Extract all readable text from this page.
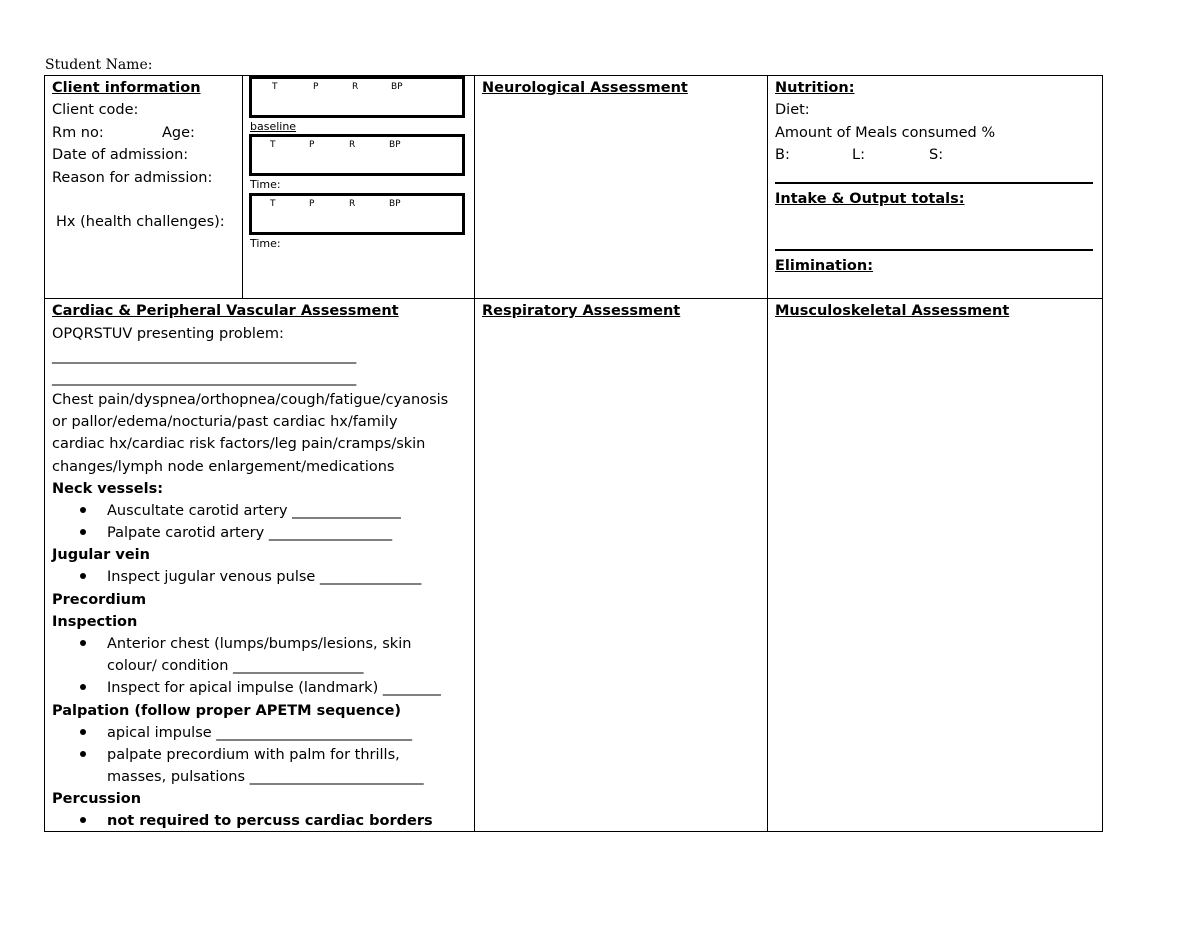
Student Name:
Client information
Client code:
Rm no:	Age:
Date of admission:
Reason for admission:
Hx (health challenges):
T	P	R	BP
baseline
T	P	R	BP
Time:
T	P	R	BP
Time:
Neurological Assessment	Nutrition:
Diet:
Amount of Meals consumed %
B:	L:	S:
Intake & Output totals:
Elimination:
Cardiac & Peripheral Vascular Assessment
OPQRSTUV presenting problem:
_____________________________________________
_____________________________________________
Chest pain/dyspnea/orthopnea/cough/fatigue/cyanosis
or pallor/edema/nocturia/past cardiac hx/family
cardiac hx/cardiac risk factors/leg pain/cramps/skin
changes/lymph node enlargement/medications
Neck vessels:
Auscultate carotid artery _______________
Palpate carotid artery _________________
Jugular vein
Inspect jugular venous pulse ______________
Precordium
Inspection
Anterior chest (lumps/bumps/lesions, skin
colour/ condition __________________
Inspect for apical impulse (landmark) ________
Palpation (follow proper APETM sequence)
apical impulse ___________________________
palpate precordium with palm for thrills,
masses, pulsations ________________________
Percussion
not required to percuss cardiac borders
Respiratory Assessment	Musculoskeletal Assessment
